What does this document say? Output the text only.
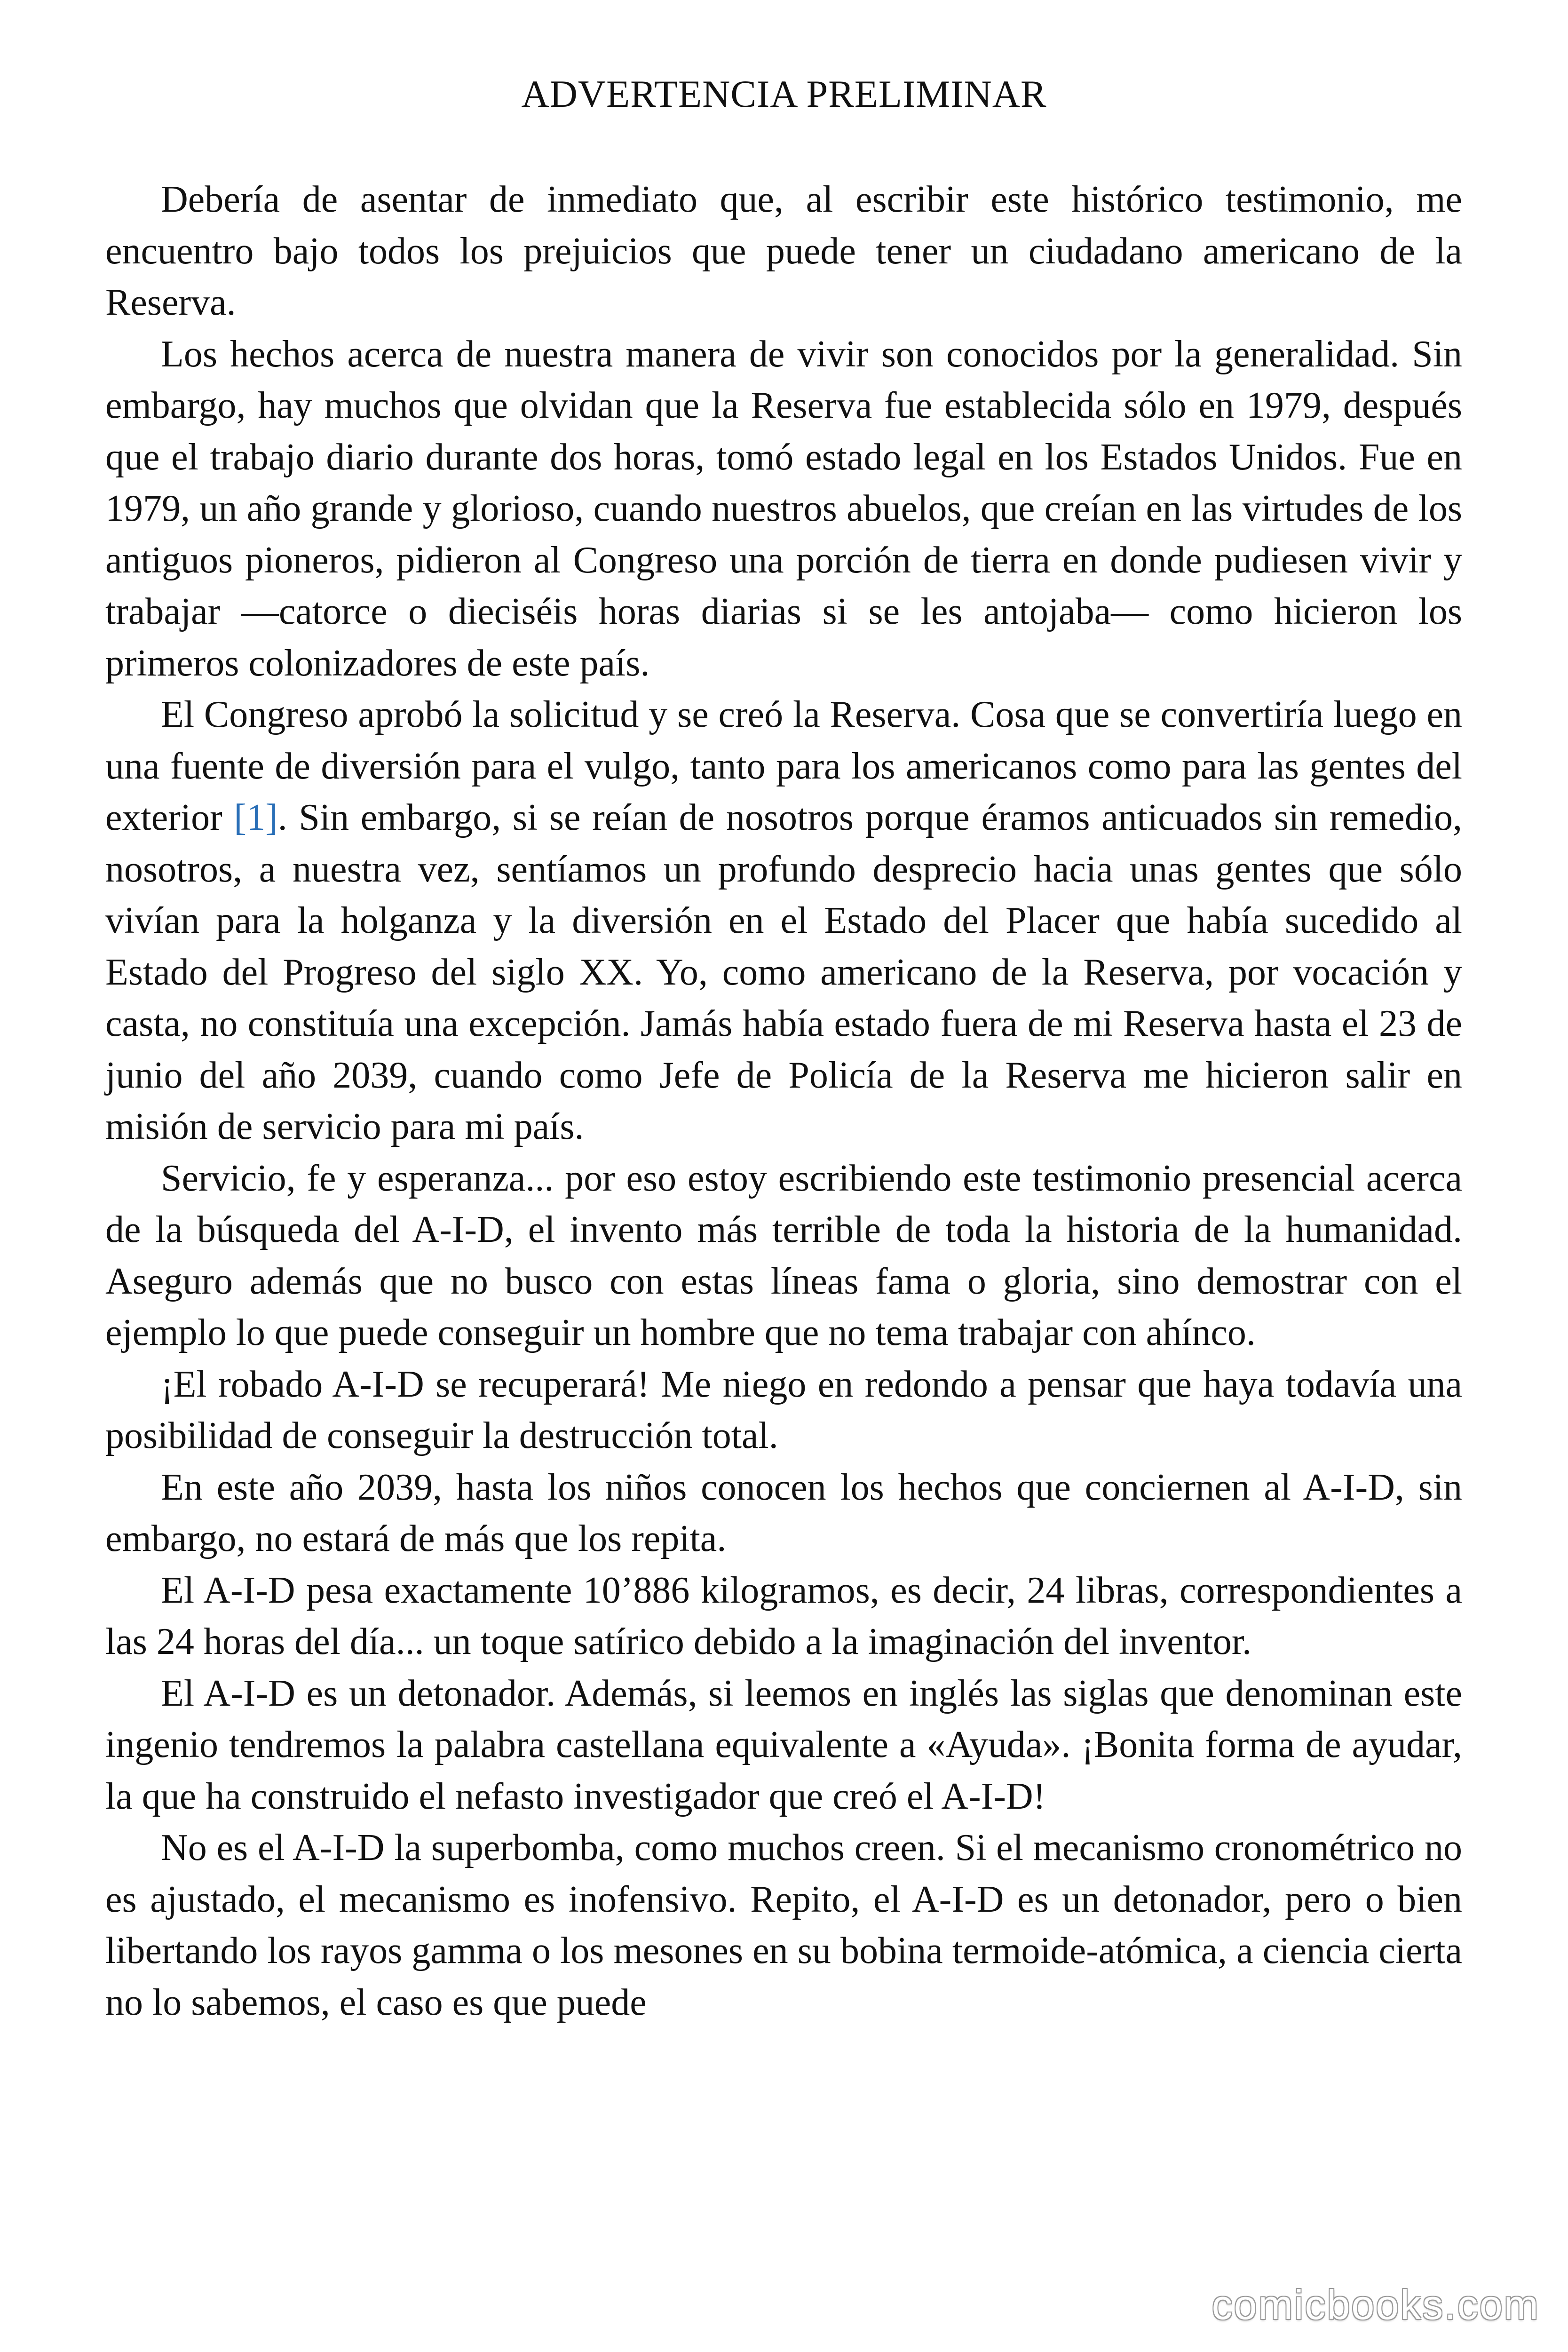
ADVERTENCIA PRELIMINAR

Debería de asentar de inmediato que, al escribir este histórico testimonio, me encuentro bajo todos los prejuicios que puede tener un ciudadano americano de la Reserva.

Los hechos acerca de nuestra manera de vivir son conocidos por la generalidad. Sin embargo, hay muchos que olvidan que la Reserva fue establecida sólo en 1979, después que el trabajo diario durante dos horas, tomó estado legal en los Estados Unidos. Fue en 1979, un año grande y glorioso, cuando nuestros abuelos, que creían en las virtudes de los antiguos pioneros, pidieron al Congreso una porción de tierra en donde pudiesen vivir y trabajar —catorce o dieciséis horas diarias si se les antojaba— como hicieron los primeros colonizadores de este país.

El Congreso aprobó la solicitud y se creó la Reserva. Cosa que se convertiría luego en una fuente de diversión para el vulgo, tanto para los americanos como para las gentes del exterior [1]. Sin embargo, si se reían de nosotros porque éramos anticuados sin remedio, nosotros, a nuestra vez, sentíamos un profundo desprecio hacia unas gentes que sólo vivían para la holganza y la diversión en el Estado del Placer que había sucedido al Estado del Progreso del siglo XX. Yo, como americano de la Reserva, por vocación y casta, no constituía una excepción. Jamás había estado fuera de mi Reserva hasta el 23 de junio del año 2039, cuando como Jefe de Policía de la Reserva me hicieron salir en misión de servicio para mi país.

Servicio, fe y esperanza... por eso estoy escribiendo este testimonio presencial acerca de la búsqueda del A-I-D, el invento más terrible de toda la historia de la humanidad. Aseguro además que no busco con estas líneas fama o gloria, sino demostrar con el ejemplo lo que puede conseguir un hombre que no tema trabajar con ahínco.

¡El robado A-I-D se recuperará! Me niego en redondo a pensar que haya todavía una posibilidad de conseguir la destrucción total.

En este año 2039, hasta los niños conocen los hechos que conciernen al A-I-D, sin embargo, no estará de más que los repita.

El A-I-D pesa exactamente 10’886 kilogramos, es decir, 24 libras, correspondientes a las 24 horas del día... un toque satírico debido a la imaginación del inventor.

El A-I-D es un detonador. Además, si leemos en inglés las siglas que denominan este ingenio tendremos la palabra castellana equivalente a «Ayuda». ¡Bonita forma de ayudar, la que ha construido el nefasto investigador que creó el A-I-D!

No es el A-I-D la superbomba, como muchos creen. Si el mecanismo cronométrico no es ajustado, el mecanismo es inofensivo. Repito, el A-I-D es un detonador, pero o bien libertando los rayos gamma o los mesones en su bobina termoide-atómica, a ciencia cierta no lo sabemos, el caso es que puede

comicbooks.com
